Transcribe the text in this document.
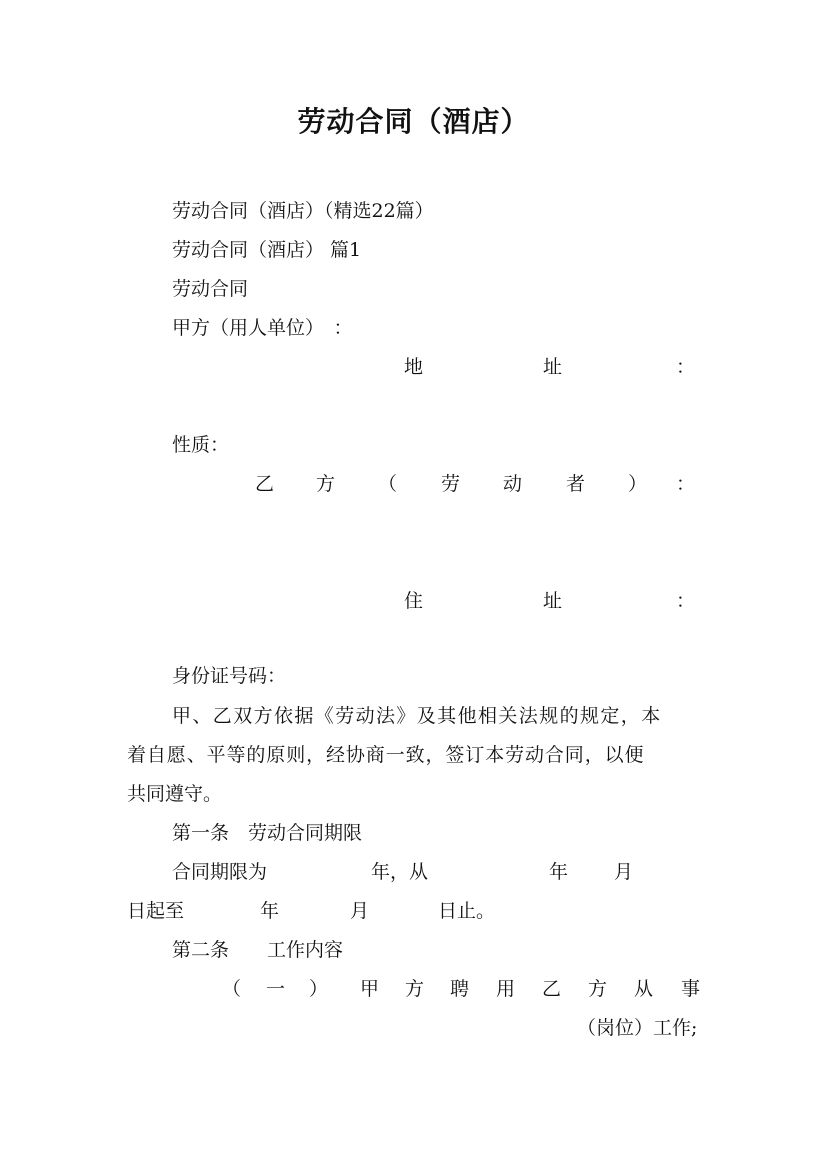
劳动合同（酒店）
劳动合同（酒店）（精选22篇）
劳动合同（酒店） 篇1
劳动合同
甲方（用人单位）　：
地	址	：
性质：
乙 方 （ 劳 动 者 ） ：
住	址	：
身份证号码：
甲、乙双方依据《劳动法》及其他相关法规的规定，本
着自愿、平等的原则，经协商一致，签订本劳动合同，以便
共同遵守。
第一条　劳动合同期限
合同期限为	年，从	年 月
日起至	年	月	日止。
第二条　　工作内容
（ 一 ） 甲 方 聘 用 乙 方 从 事
（岗位）工作;
